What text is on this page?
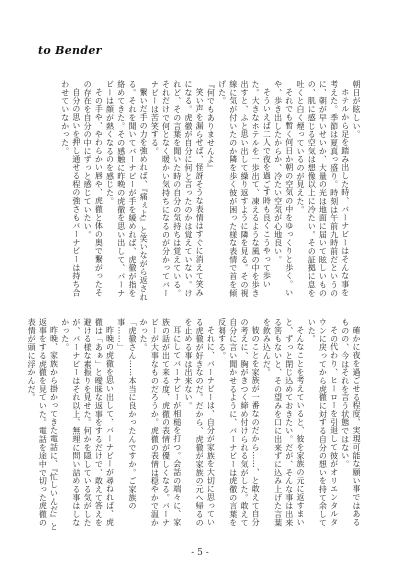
to Bender

朝日が眩しい。

ホテルから足を踏み出した時、バーナビーはそんな事を考えた。季節は夏真っ盛り。時刻は午前九時前だというのに、朝が早いせいか、大量の光は地面に届いて眩しいものの、肌に感じる空気は想像以上に冷たい。その証拠に息を吐くと白く煙っているのが見えた。

それでも暫く何日か朝の空気の中をゆっくりと歩く。いや、歩き出したからか、冷たい空気が心地良い。

そういえば二人で夜を過ごす時も良くこうやって歩いた。大きなホテルを一歩出て、凍えるような風の中を歩き出すと、ふと思い出して繰り返すように隣を見る。その視線に気が付いたのか隣を歩く彼が困った様な表情で首を傾げた。

『何でもありませんよ』

笑い声を漏らせば、怪訝そうな表情はすぐに消えて笑みになる。虎徹が自分に何と言ったのかは覚えていない。けれど、その言葉を聞いた時の自分の気持ちは覚えている。それだけで何となく暖かい気持ちになるのが分かってバーナビーは苦笑する。

繋いだ手の力を強めれば、『痛ぇよ』と笑いながら返される。それを聞いてバーナビーが手を緩めれば、虎徹が指を絡めてきた。その感触に昨晩の虎徹を思い出して、バーナビーは顔が熱くなるのを感じた。

その手や、やわらかい唇や、虎徹と体の奥で繋がったその存在を自分の中にずっと感じていたい。

自分の思いを押し通せる程の強さもバーナビーは持ち合わせていなかった。

確かに夜を過ごせる程度、実現可能な願い事ではあるものの、今はそれを言う状態ではない。

その代わり、ヒーローを引退して彼がオリエンタルタウンに戻ってから虎徹に対する自分の想いを持て余していた。

そんなことを考えていると、彼を家族の元に返すまいと、ずっと閉じ込めておきたい。だが、そんな事は出来る筈もないと、その望みを口に出来ずに込み上げた言葉を飲み込んだ。

彼のことを家族が一番なのだから……、と敢えて自分の考えに、胸がきつく締め付けられる気がした。敢えて自分に言い聞かせるように、バーナビーは虎徹の言葉を反芻する。

それに、バーナビーは、自分が家族を大切に思っている虎徹が好きなのだ。だから、虎徹が家族の元へ帰るのを止める事は出来ない。

耳にしてバーナビーが相槌を打つ。会話の端々に、家族の話が出て来る度、虎徹の表情が優しくなる。バーナビーが大事なものだろうか。虎徹の表情は穏やかで温かかった。

「虎徹さん……本当に良かったんですか。ご家族の事……」

昨晩の虎徹を思い出して、バーナビーが尋ねれば、虎徹は「あぁ」と曖昧な返事をするだけで、敢えて答えを避ける様な素振りを見せた。何かを隠している気がしたが、バーナビーはそれ以上、無理に問い詰める事はしなかった。

昨晩、家族から掛かってきた電話に、『忙しいんだ』と返事をする虎徹を見ていた。電話を途中で切った虎徹の表情が頭に浮かんだ。

- 5 -
